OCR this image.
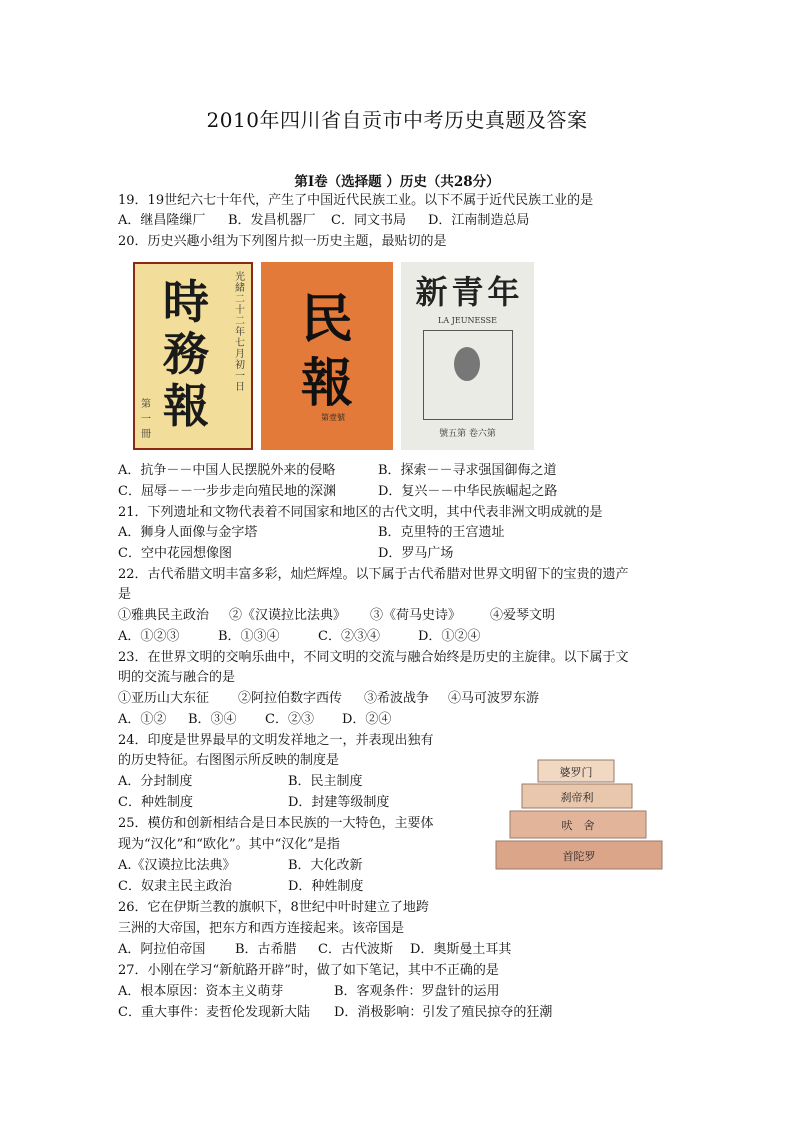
2010年四川省自贡市中考历史真题及答案
第Ⅰ卷（选择题 ）历史（共28分）
19．19世纪六七十年代，产生了中国近代民族工业。以下不属于近代民族工业的是
A．继昌隆缫厂 B．发昌机器厂 C．同文书局 D．江南制造总局
20．历史兴趣小组为下列图片拟一历史主题，最贴切的是
時務報
光緒二十二年七月初一日
第一冊
民報
第壹號
新青年
LA JEUNESSE
號五第 卷六第
A．抗争－－中国人民摆脱外来的侵略	B．探索－－寻求强国御侮之道
C．屈辱－－一步步走向殖民地的深渊	D．复兴－－中华民族崛起之路
21．下列遗址和文物代表着不同国家和地区的古代文明，其中代表非洲文明成就的是
A．狮身人面像与金字塔	B．克里特的王宫遗址
C．空中花园想像图	D．罗马广场
22．古代希腊文明丰富多彩，灿烂辉煌。以下属于古代希腊对世界文明留下的宝贵的遗产
是
①雅典民主政治 ②《汉谟拉比法典》 ③《荷马史诗》 ④爱琴文明
A．①②③	B．①③④	C．②③④	D．①②④
23．在世界文明的交响乐曲中，不同文明的交流与融合始终是历史的主旋律。以下属于文
明的交流与融合的是
①亚历山大东征 ②阿拉伯数字西传 ③希波战争 ④马可波罗东游
A．①② B．③④ C．②③ D．②④
24．印度是世界最早的文明发祥地之一，并表现出独有
的历史特征。右图图示所反映的制度是
A．分封制度	B．民主制度
C．种姓制度	D．封建等级制度
婆罗门
刹帝利
吠　舍
首陀罗
25．模仿和创新相结合是日本民族的一大特色，主要体
现为“汉化”和“欧化”。其中“汉化”是指
A.《汉谟拉比法典》	B．大化改新
C．奴隶主民主政治	D．种姓制度
26．它在伊斯兰教的旗帜下，8世纪中叶时建立了地跨
三洲的大帝国，把东方和西方连接起来。该帝国是
A．阿拉伯帝国 B．古希腊 C．古代波斯 D．奥斯曼土耳其
27．小刚在学习“新航路开辟”时，做了如下笔记，其中不正确的是
A．根本原因：资本主义萌芽	B．客观条件：罗盘针的运用
C．重大事件：麦哲伦发现新大陆 D．消极影响：引发了殖民掠夺的狂潮
